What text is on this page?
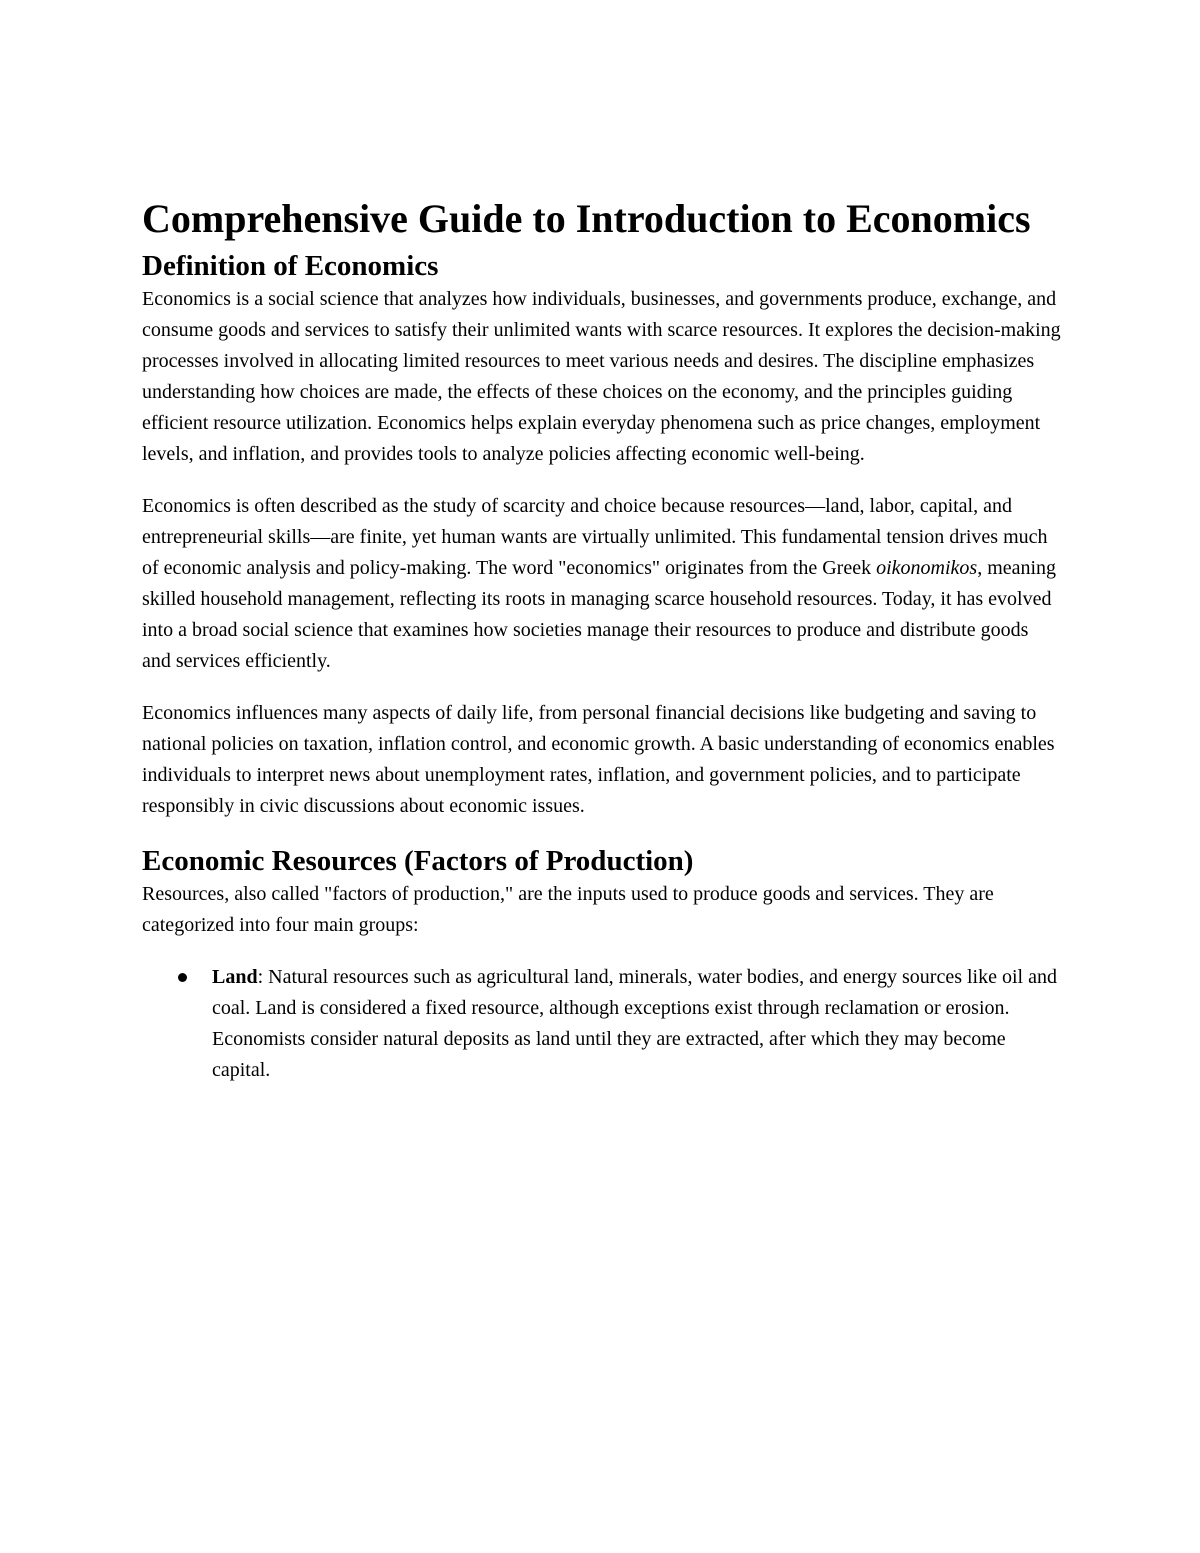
Comprehensive Guide to Introduction to Economics
Definition of Economics

Economics is a social science that analyzes how individuals, businesses, and governments produce, exchange, and consume goods and services to satisfy their unlimited wants with scarce resources. It explores the decision-making processes involved in allocating limited resources to meet various needs and desires. The discipline emphasizes understanding how choices are made, the effects of these choices on the economy, and the principles guiding efficient resource utilization. Economics helps explain everyday phenomena such as price changes, employment levels, and inflation, and provides tools to analyze policies affecting economic well-being.

Economics is often described as the study of scarcity and choice because resources—land, labor, capital, and entrepreneurial skills—are finite, yet human wants are virtually unlimited. This fundamental tension drives much of economic analysis and policy-making. The word "economics" originates from the Greek oikonomikos, meaning skilled household management, reflecting its roots in managing scarce household resources. Today, it has evolved into a broad social science that examines how societies manage their resources to produce and distribute goods and services efficiently.

Economics influences many aspects of daily life, from personal financial decisions like budgeting and saving to national policies on taxation, inflation control, and economic growth. A basic understanding of economics enables individuals to interpret news about unemployment rates, inflation, and government policies, and to participate responsibly in civic discussions about economic issues.

Economic Resources (Factors of Production)

Resources, also called "factors of production," are the inputs used to produce goods and services. They are categorized into four main groups:

Land: Natural resources such as agricultural land, minerals, water bodies, and energy sources like oil and coal. Land is considered a fixed resource, although exceptions exist through reclamation or erosion. Economists consider natural deposits as land until they are extracted, after which they may become capital.
